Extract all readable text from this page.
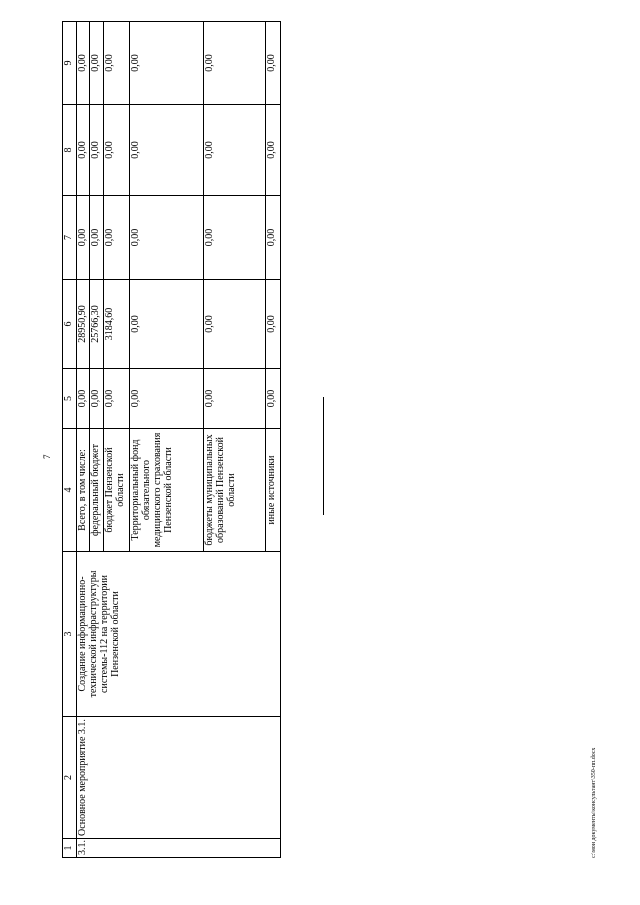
7
1	2	3	4	5	6	7	8	9
3.1.	Основное мероприятие 3.1.	Создание информационно-технической инфраструктуры системы-112 на территории Пензенской области	Всего, в том числе:	0,00	28950,90	0,00	0,00	0,00
			федеральный бюджет	0,00	25766,30	0,00	0,00	0,00
			бюджет Пензенской области	0,00	3184,60	0,00	0,00	0,00
			Территориальный фонд обязательного медицинского страхования Пензенской области	0,00	0,00	0,00	0,00	0,00
			бюджеты муниципальных образований Пензенской области	0,00	0,00	0,00	0,00	0,00
			иные источники	0,00	0,00	0,00	0,00	0,00
c:\мои документы\консультант\350-пп.docx
